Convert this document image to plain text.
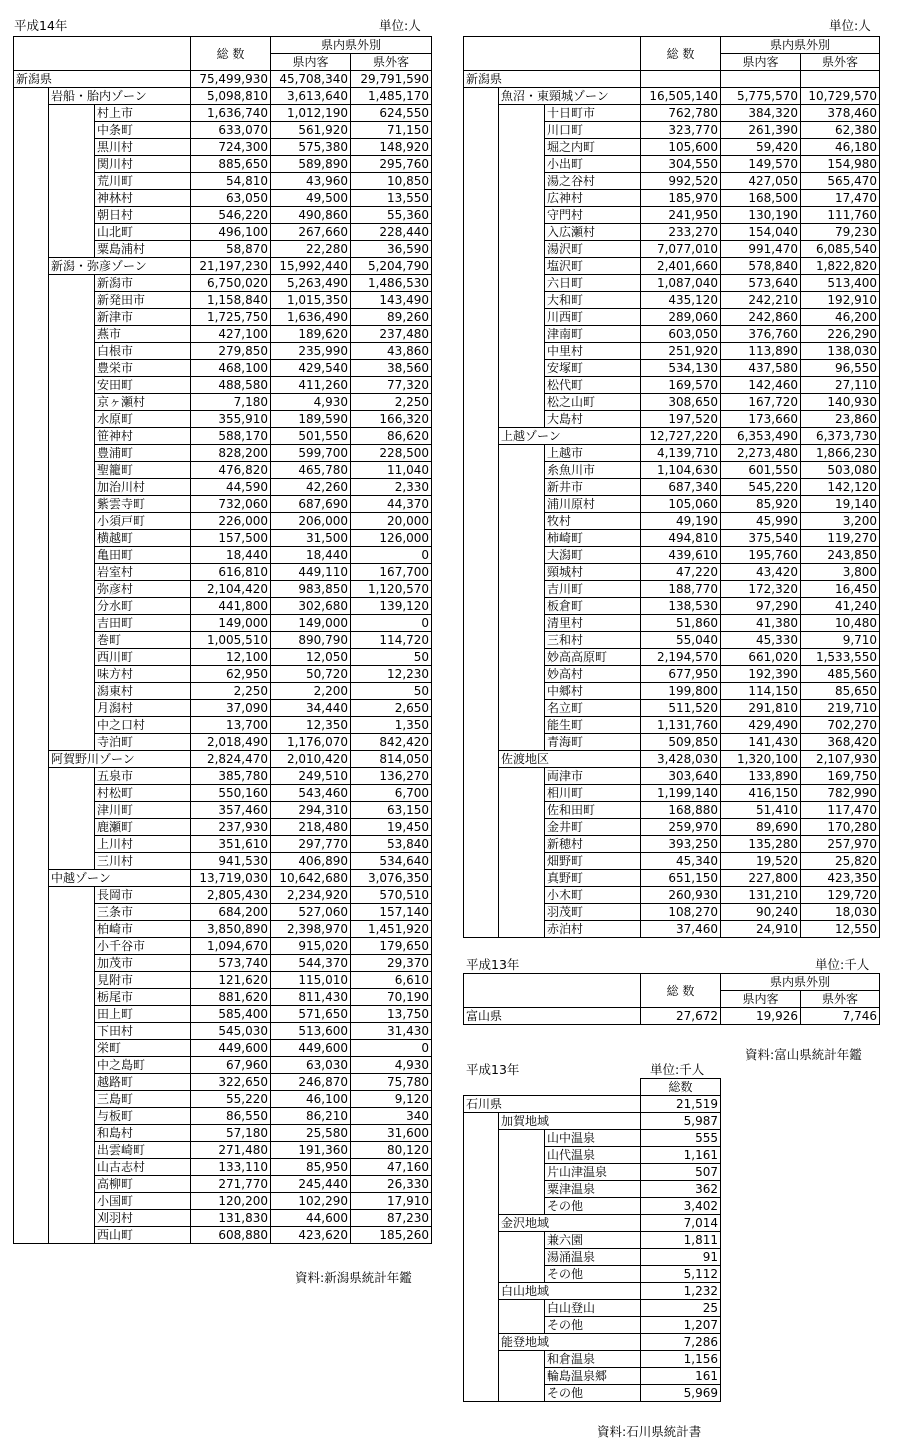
平成14年	単位:人
			総 数	県内県外別	
				県内客	県外客
新潟県			75,499,930	45,708,340	29,791,590
	岩船・胎内ゾーン		5,098,810	3,613,640	1,485,170
		村上市	1,636,740	1,012,190	624,550
		中条町	633,070	561,920	71,150
		黒川村	724,300	575,380	148,920
		関川村	885,650	589,890	295,760
		荒川町	54,810	43,960	10,850
		神林村	63,050	49,500	13,550
		朝日村	546,220	490,860	55,360
		山北町	496,100	267,660	228,440
		粟島浦村	58,870	22,280	36,590
	新潟・弥彦ゾーン		21,197,230	15,992,440	5,204,790
		新潟市	6,750,020	5,263,490	1,486,530
		新発田市	1,158,840	1,015,350	143,490
		新津市	1,725,750	1,636,490	89,260
		燕市	427,100	189,620	237,480
		白根市	279,850	235,990	43,860
		豊栄市	468,100	429,540	38,560
		安田町	488,580	411,260	77,320
		京ヶ瀬村	7,180	4,930	2,250
		水原町	355,910	189,590	166,320
		笹神村	588,170	501,550	86,620
		豊浦町	828,200	599,700	228,500
		聖籠町	476,820	465,780	11,040
		加治川村	44,590	42,260	2,330
		紫雲寺町	732,060	687,690	44,370
		小須戸町	226,000	206,000	20,000
		横越町	157,500	31,500	126,000
		亀田町	18,440	18,440	0
		岩室村	616,810	449,110	167,700
		弥彦村	2,104,420	983,850	1,120,570
		分水町	441,800	302,680	139,120
		吉田町	149,000	149,000	0
		巻町	1,005,510	890,790	114,720
		西川町	12,100	12,050	50
		味方村	62,950	50,720	12,230
		潟東村	2,250	2,200	50
		月潟村	37,090	34,440	2,650
		中之口村	13,700	12,350	1,350
		寺泊町	2,018,490	1,176,070	842,420
	阿賀野川ゾーン		2,824,470	2,010,420	814,050
		五泉市	385,780	249,510	136,270
		村松町	550,160	543,460	6,700
		津川町	357,460	294,310	63,150
		鹿瀬町	237,930	218,480	19,450
		上川村	351,610	297,770	53,840
		三川村	941,530	406,890	534,640
	中越ゾーン		13,719,030	10,642,680	3,076,350
		長岡市	2,805,430	2,234,920	570,510
		三条市	684,200	527,060	157,140
		柏崎市	3,850,890	2,398,970	1,451,920
		小千谷市	1,094,670	915,020	179,650
		加茂市	573,740	544,370	29,370
		見附市	121,620	115,010	6,610
		栃尾市	881,620	811,430	70,190
		田上町	585,400	571,650	13,750
		下田村	545,030	513,600	31,430
		栄町	449,600	449,600	0
		中之島町	67,960	63,030	4,930
		越路町	322,650	246,870	75,780
		三島町	55,220	46,100	9,120
		与板町	86,550	86,210	340
		和島村	57,180	25,580	31,600
		出雲崎町	271,480	191,360	80,120
		山古志村	133,110	85,950	47,160
		高柳町	271,770	245,440	26,330
		小国町	120,200	102,290	17,910
		刈羽村	131,830	44,600	87,230
		西山町	608,880	423,620	185,260
資料:新潟県統計年鑑
単位:人
			総 数	県内県外別	
				県内客	県外客
新潟県					
	魚沼・東頸城ゾーン		16,505,140	5,775,570	10,729,570
		十日町市	762,780	384,320	378,460
		川口町	323,770	261,390	62,380
		堀之内町	105,600	59,420	46,180
		小出町	304,550	149,570	154,980
		湯之谷村	992,520	427,050	565,470
		広神村	185,970	168,500	17,470
		守門村	241,950	130,190	111,760
		入広瀬村	233,270	154,040	79,230
		湯沢町	7,077,010	991,470	6,085,540
		塩沢町	2,401,660	578,840	1,822,820
		六日町	1,087,040	573,640	513,400
		大和町	435,120	242,210	192,910
		川西町	289,060	242,860	46,200
		津南町	603,050	376,760	226,290
		中里村	251,920	113,890	138,030
		安塚町	534,130	437,580	96,550
		松代町	169,570	142,460	27,110
		松之山町	308,650	167,720	140,930
		大島村	197,520	173,660	23,860
	上越ゾーン		12,727,220	6,353,490	6,373,730
		上越市	4,139,710	2,273,480	1,866,230
		糸魚川市	1,104,630	601,550	503,080
		新井市	687,340	545,220	142,120
		浦川原村	105,060	85,920	19,140
		牧村	49,190	45,990	3,200
		柿崎町	494,810	375,540	119,270
		大潟町	439,610	195,760	243,850
		頸城村	47,220	43,420	3,800
		吉川町	188,770	172,320	16,450
		板倉町	138,530	97,290	41,240
		清里村	51,860	41,380	10,480
		三和村	55,040	45,330	9,710
		妙高高原町	2,194,570	661,020	1,533,550
		妙高村	677,950	192,390	485,560
		中郷村	199,800	114,150	85,650
		名立町	511,520	291,810	219,710
		能生町	1,131,760	429,490	702,270
		青海町	509,850	141,430	368,420
	佐渡地区		3,428,030	1,320,100	2,107,930
		両津市	303,640	133,890	169,750
		相川町	1,199,140	416,150	782,990
		佐和田町	168,880	51,410	117,470
		金井町	259,970	89,690	170,280
		新穂村	393,250	135,280	257,970
		畑野町	45,340	19,520	25,820
		真野町	651,150	227,800	423,350
		小木町	260,930	131,210	129,720
		羽茂町	108,270	90,240	18,030
		赤泊村	37,460	24,910	12,550
平成13年	単位:千人
	総 数	県内県外別	
		県内客	県外客
富山県	27,672	19,926	7,746
資料:富山県統計年鑑
平成13年	単位:千人
			総数
石川県			21,519
	加賀地域		5,987
		山中温泉	555
		山代温泉	1,161
		片山津温泉	507
		粟津温泉	362
		その他	3,402
	金沢地域		7,014
		兼六園	1,811
		湯涌温泉	91
		その他	5,112
	白山地域		1,232
		白山登山	25
		その他	1,207
	能登地域		7,286
		和倉温泉	1,156
		輪島温泉郷	161
		その他	5,969
資料:石川県統計書
